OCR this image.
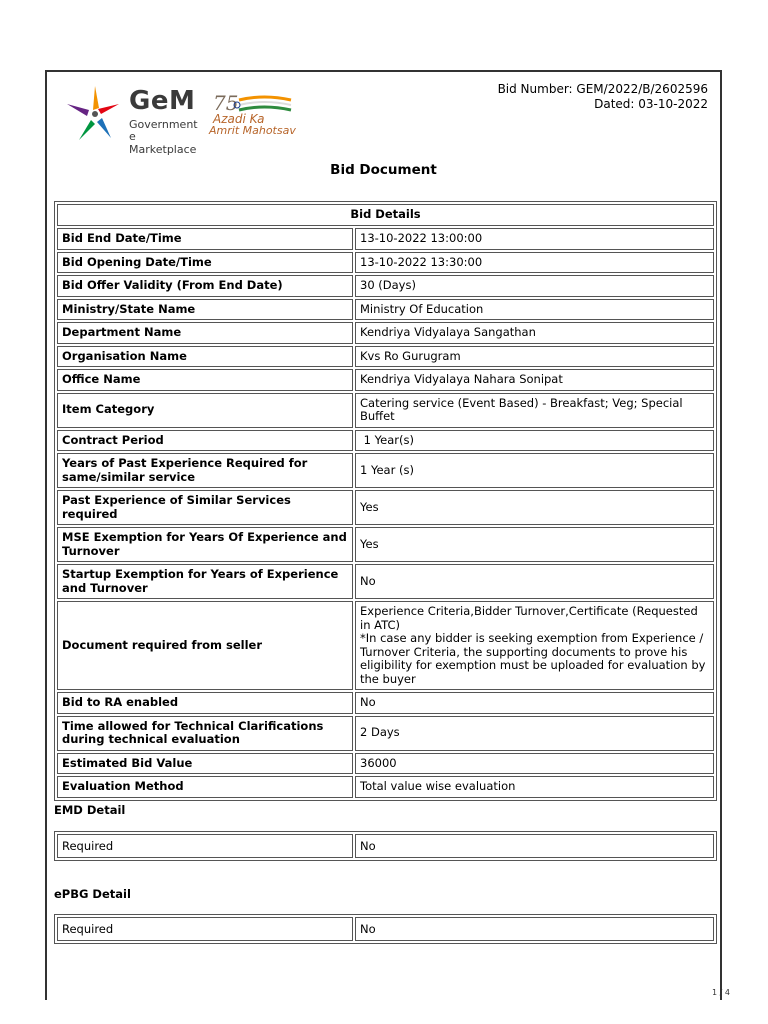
GeM
Government
e Marketplace
75
Azadi Ka
Amrit Mahotsav
Bid Number: GEM/2022/B/2602596
Dated: 03-10-2022
Bid Document
Bid Details	
Bid End Date/Time	13-10-2022 13:00:00
Bid Opening Date/Time	13-10-2022 13:30:00
Bid Offer Validity (From End Date)	30 (Days)
Ministry/State Name	Ministry Of Education
Department Name	Kendriya Vidyalaya Sangathan
Organisation Name	Kvs Ro Gurugram
Office Name	Kendriya Vidyalaya Nahara Sonipat
Item Category	Catering service (Event Based) - Breakfast; Veg; Special Buffet
Contract Period	1 Year(s)
Years of Past Experience Required for same/similar service	1 Year (s)
Past Experience of Similar Services required	Yes
MSE Exemption for Years Of Experience and Turnover	Yes
Startup Exemption for Years of Experience and Turnover	No
Document required from seller	Experience Criteria,Bidder Turnover,Certificate (Requested in ATC)
*In case any bidder is seeking exemption from Experience / Turnover Criteria, the supporting documents to prove his eligibility for exemption must be uploaded for evaluation by the buyer
Bid to RA enabled	No
Time allowed for Technical Clarifications during technical evaluation	2 Days
Estimated Bid Value	36000
Evaluation Method	Total value wise evaluation
EMD Detail
Required	No
ePBG Detail
Required	No
1 / 4
